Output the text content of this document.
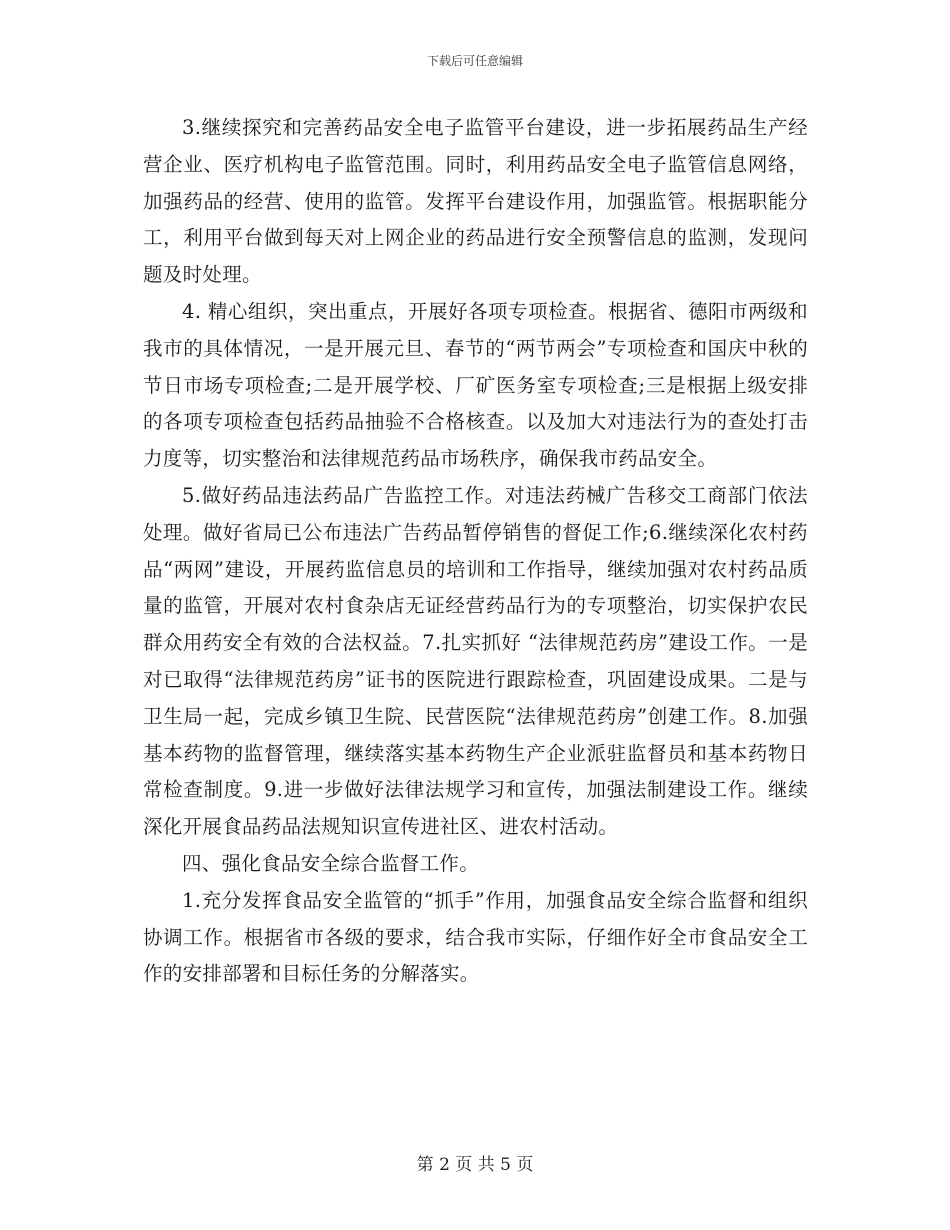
下载后可任意编辑

3.继续探究和完善药品安全电子监管平台建设，进一步拓展药品生产经营企业、医疗机构电子监管范围。同时，利用药品安全电子监管信息网络，加强药品的经营、使用的监管。发挥平台建设作用，加强监管。根据职能分工，利用平台做到每天对上网企业的药品进行安全预警信息的监测，发现问题及时处理。

4. 精心组织，突出重点，开展好各项专项检查。根据省、德阳市两级和我市的具体情况，一是开展元旦、春节的“两节两会”专项检查和国庆中秋的节日市场专项检查;二是开展学校、厂矿医务室专项检查;三是根据上级安排的各项专项检查包括药品抽验不合格核查。以及加大对违法行为的查处打击力度等，切实整治和法律规范药品市场秩序，确保我市药品安全。

5.做好药品违法药品广告监控工作。对违法药械广告移交工商部门依法处理。做好省局已公布违法广告药品暂停销售的督促工作;6.继续深化农村药品“两网”建设，开展药监信息员的培训和工作指导，继续加强对农村药品质量的监管，开展对农村食杂店无证经营药品行为的专项整治，切实保护农民群众用药安全有效的合法权益。7.扎实抓好 “法律规范药房”建设工作。一是对已取得“法律规范药房”证书的医院进行跟踪检查，巩固建设成果。二是与卫生局一起，完成乡镇卫生院、民营医院“法律规范药房”创建工作。8.加强基本药物的监督管理，继续落实基本药物生产企业派驻监督员和基本药物日常检查制度。9.进一步做好法律法规学习和宣传，加强法制建设工作。继续深化开展食品药品法规知识宣传进社区、进农村活动。

四、强化食品安全综合监督工作。

1.充分发挥食品安全监管的“抓手”作用，加强食品安全综合监督和组织协调工作。根据省市各级的要求，结合我市实际，仔细作好全市食品安全工作的安排部署和目标任务的分解落实。

第 2 页 共 5 页
